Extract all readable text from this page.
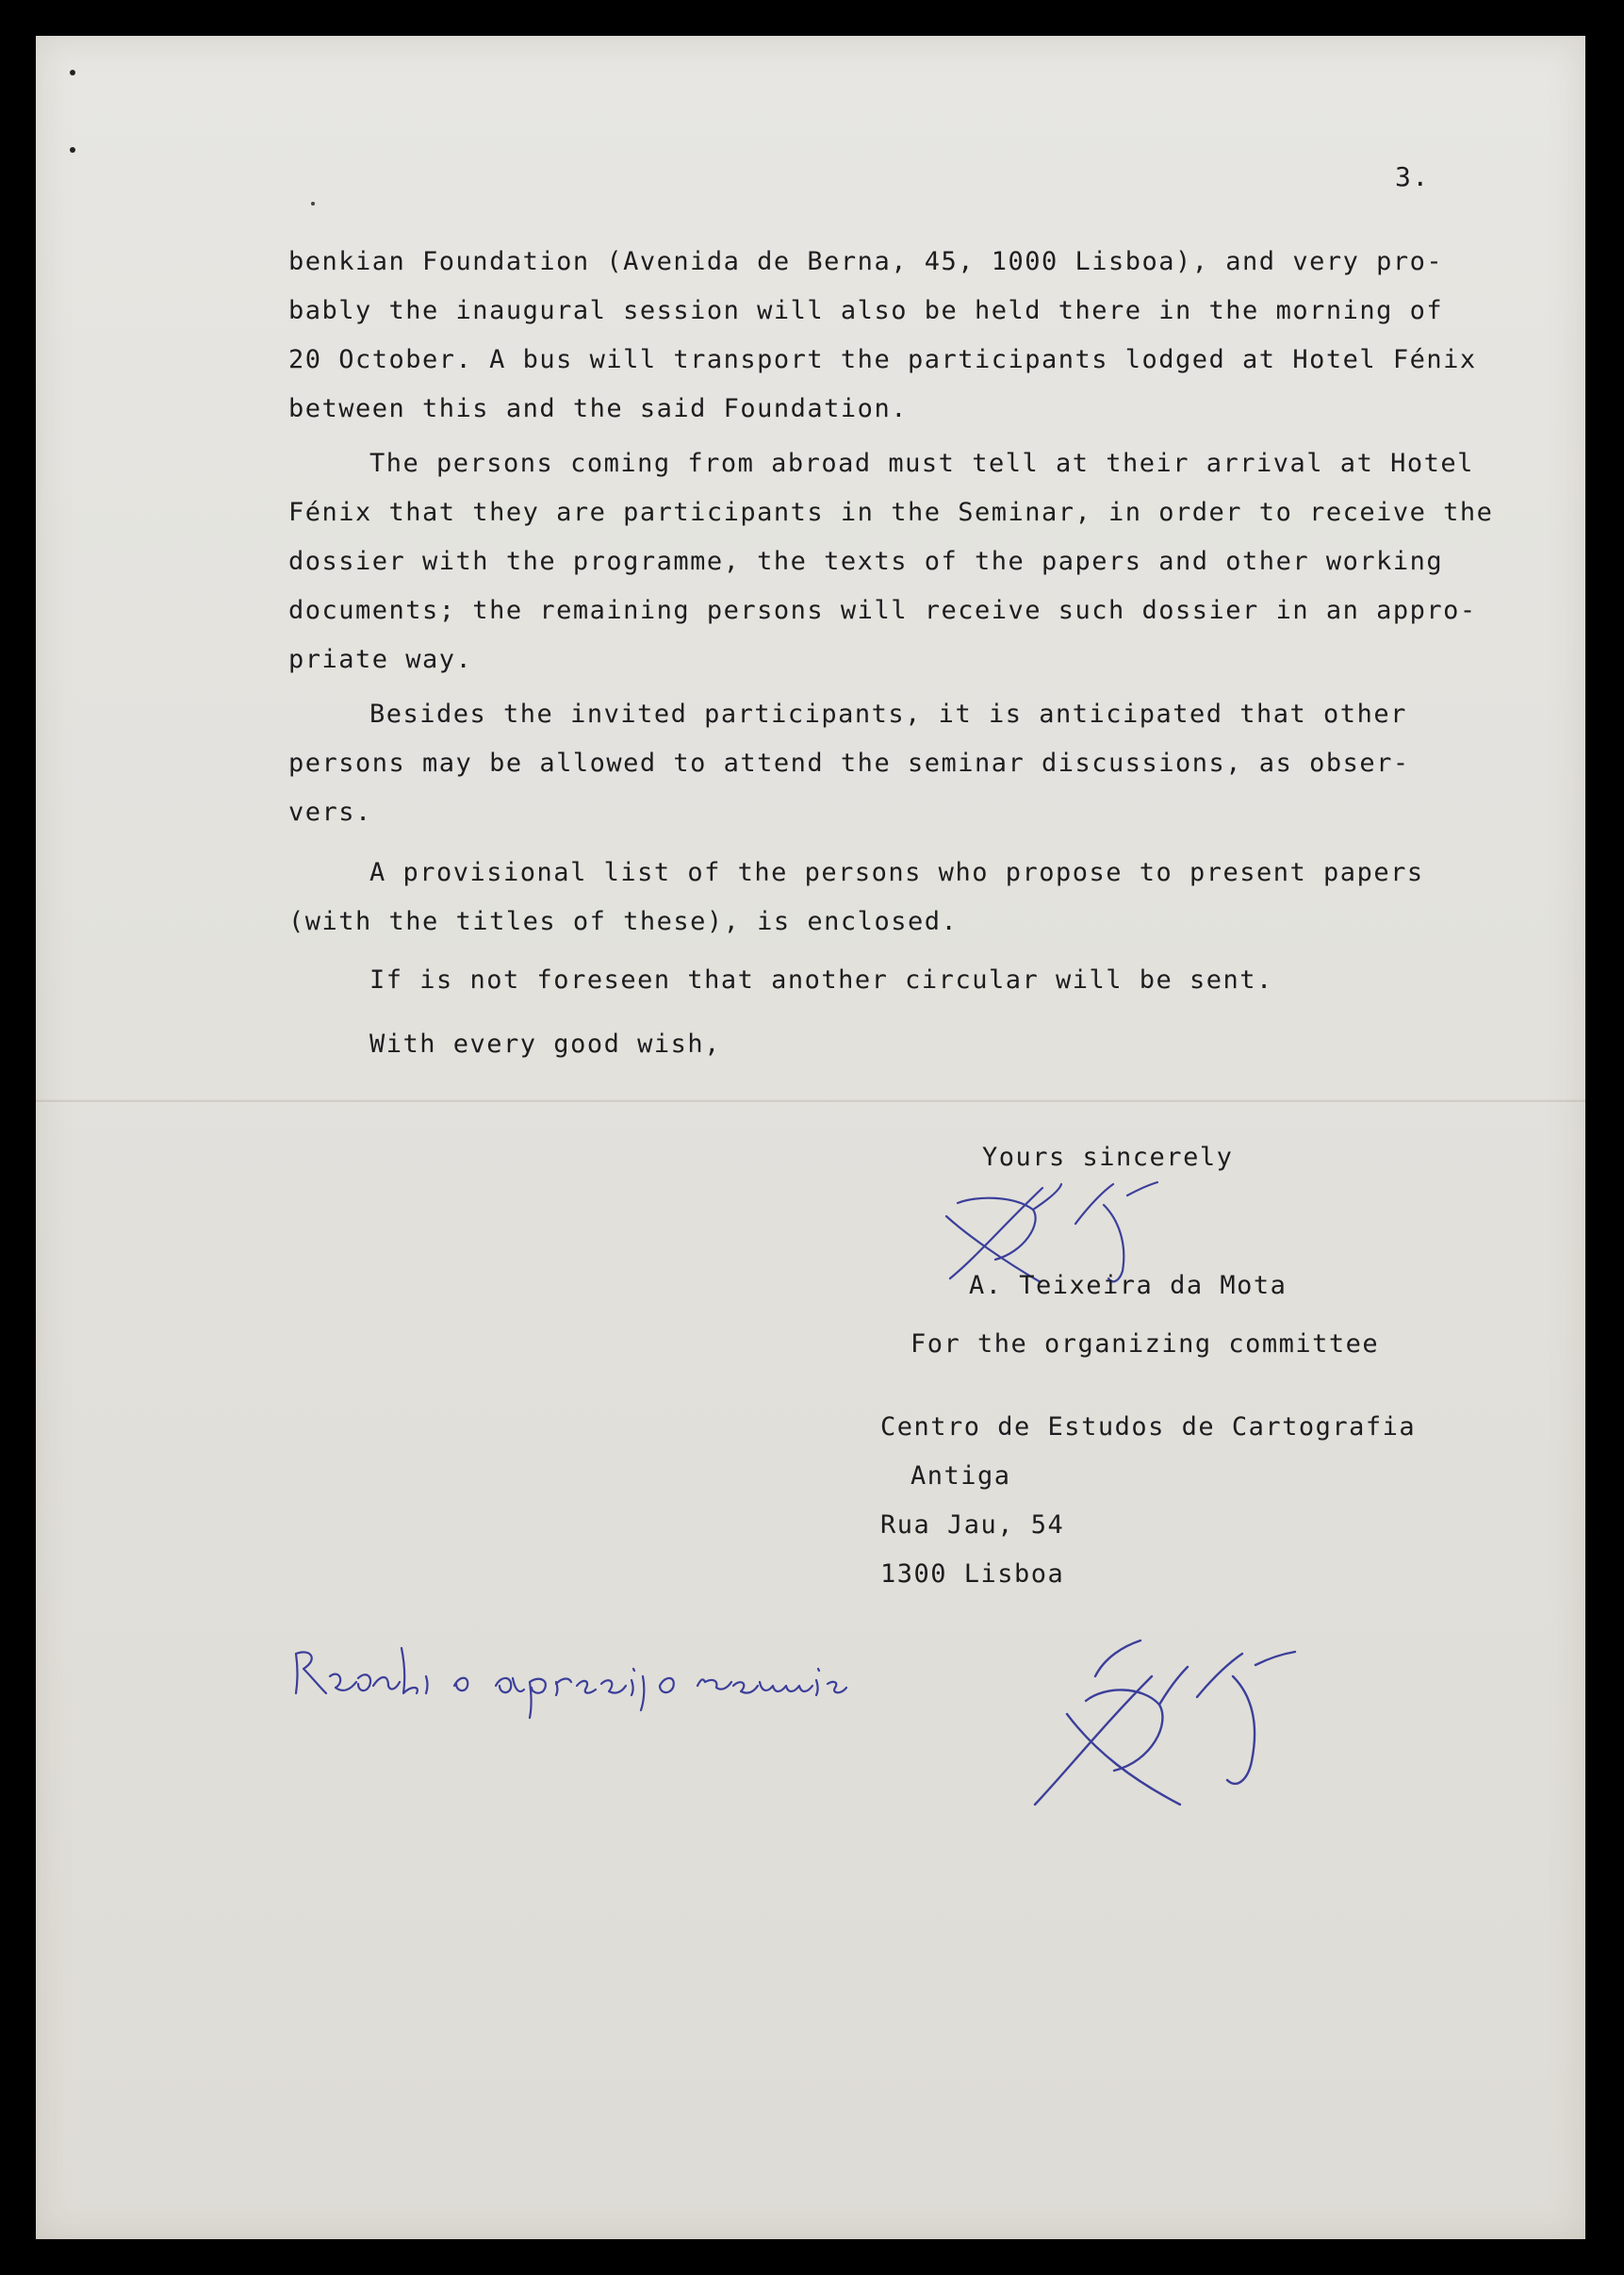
3.

benkian Foundation (Avenida de Berna, 45, 1000 Lisboa), and very pro-

bably the inaugural session will also be held there in the morning of

20 October. A bus will transport the participants lodged at Hotel Fénix

between this and the said Foundation.

The persons coming from abroad must tell at their arrival at Hotel

Fénix that they are participants in the Seminar, in order to receive the

dossier with the programme, the texts of the papers and other working

documents; the remaining persons will receive such dossier in an appro-

priate way.

Besides the invited participants, it is anticipated that other

persons may be allowed to attend the seminar discussions, as obser-

vers.

A provisional list of the persons who propose to present papers

(with the titles of these), is enclosed.

If is not foreseen that another circular will be sent.

With every good wish,

Yours sincerely

A. Teixeira da Mota

For the organizing committee

Centro de Estudos de Cartografia

Antiga

Rua Jau, 54

1300 Lisboa
